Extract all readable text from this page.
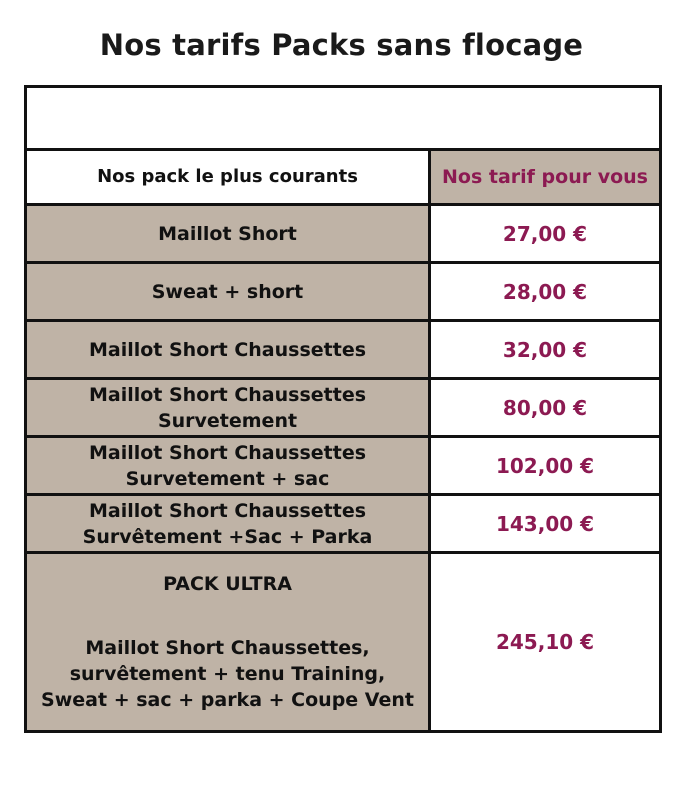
Nos tarifs Packs sans flocage

Nos pack le plus courants	Nos tarif pour vous
Maillot Short	27,00 €
Sweat + short	28,00 €
Maillot Short Chaussettes	32,00 €
Maillot Short Chaussettes
Survetement	80,00 €
Maillot Short Chaussettes
Survetement + sac	102,00 €
Maillot Short Chaussettes
Survêtement +Sac + Parka	143,00 €

PACK ULTRA
Maillot Short Chaussettes,
survêtement + tenu Training,
Sweat + sac + parka + Coupe Vent	245,10 €
